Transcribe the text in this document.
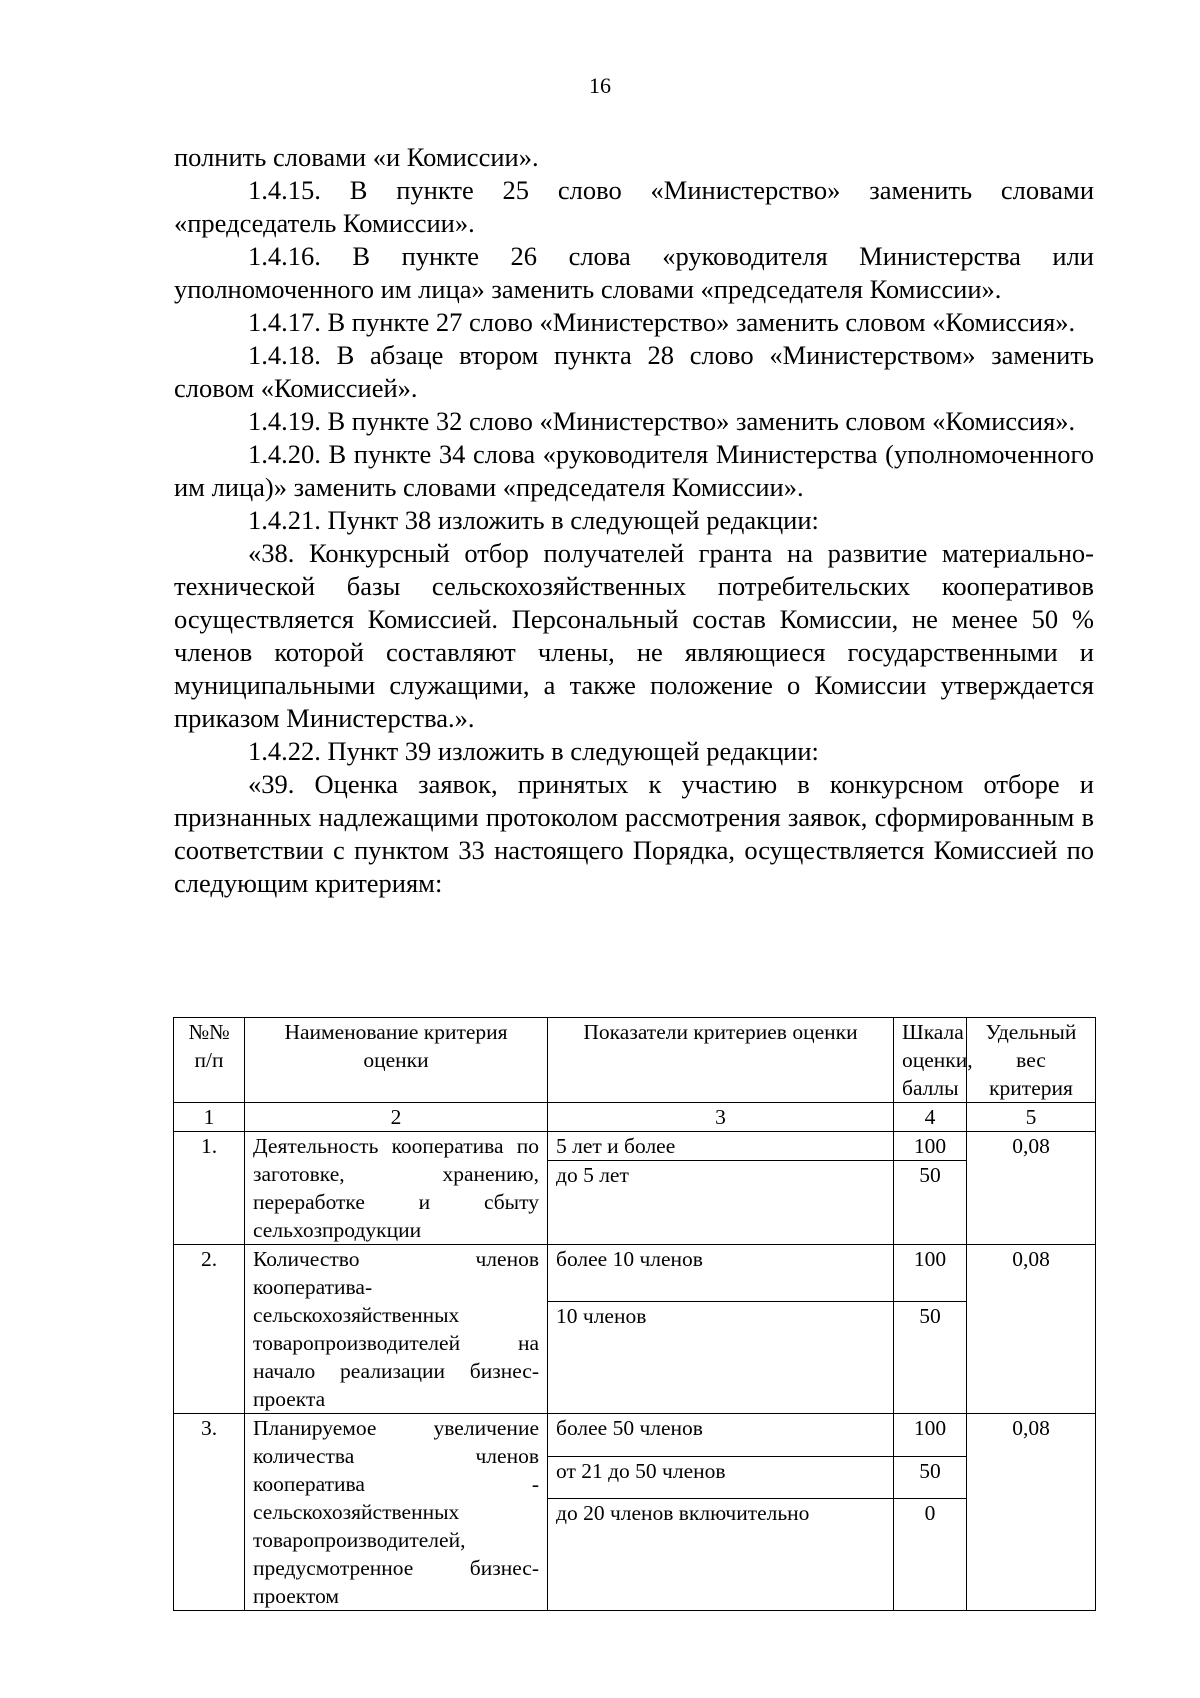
16

полнить словами «и Комиссии».

1.4.15. В пункте 25 слово «Министерство» заменить словами «председатель Комиссии».

1.4.16. В пункте 26 слова «руководителя Министерства или уполномоченного им лица» заменить словами «председателя Комиссии».

1.4.17. В пункте 27 слово «Министерство» заменить словом «Комиссия».

1.4.18. В абзаце втором пункта 28 слово «Министерством» заменить словом «Комиссией».

1.4.19. В пункте 32 слово «Министерство» заменить словом «Комиссия».

1.4.20. В пункте 34 слова «руководителя Министерства (уполномоченного им лица)» заменить словами «председателя Комиссии».

1.4.21. Пункт 38 изложить в следующей редакции:

«38. Конкурсный отбор получателей гранта на развитие материально-технической базы сельскохозяйственных потребительских кооперативов осуществляется Комиссией. Персональный состав Комиссии, не менее 50 % членов которой составляют члены, не являющиеся государственными и муниципальными служащими, а также положение о Комиссии утверждается приказом Министерства.».

1.4.22. Пункт 39 изложить в следующей редакции:

«39. Оценка заявок, принятых к участию в конкурсном отборе и признанных надлежащими протоколом рассмотрения заявок, сформированным в соответствии с пунктом 33 настоящего Порядка, осуществляется Комиссией по следующим критериям:

№№ п/п	Наименование критерия оценки	Показатели критериев оценки	Шкала оценки, баллы	Удельный вес критерия
1	2	3	4	5
1.	Деятельность кооператива по заготовке, хранению, переработке и сбыту сельхозпродукции	5 лет и более	100	0,08
		до 5 лет	50	
2.	Количество членов кооператива-сельскохозяйственных товаропроизводителей на начало реализации бизнес-проекта	более 10 членов	100	0,08
		10 членов	50	
3.	Планируемое увеличение количества членов кооператива - сельскохозяйственных товаропроизводителей, предусмотренное бизнес-проектом	более 50 членов	100	0,08
		от 21 до 50 членов	50	
		до 20 членов включительно	0	
